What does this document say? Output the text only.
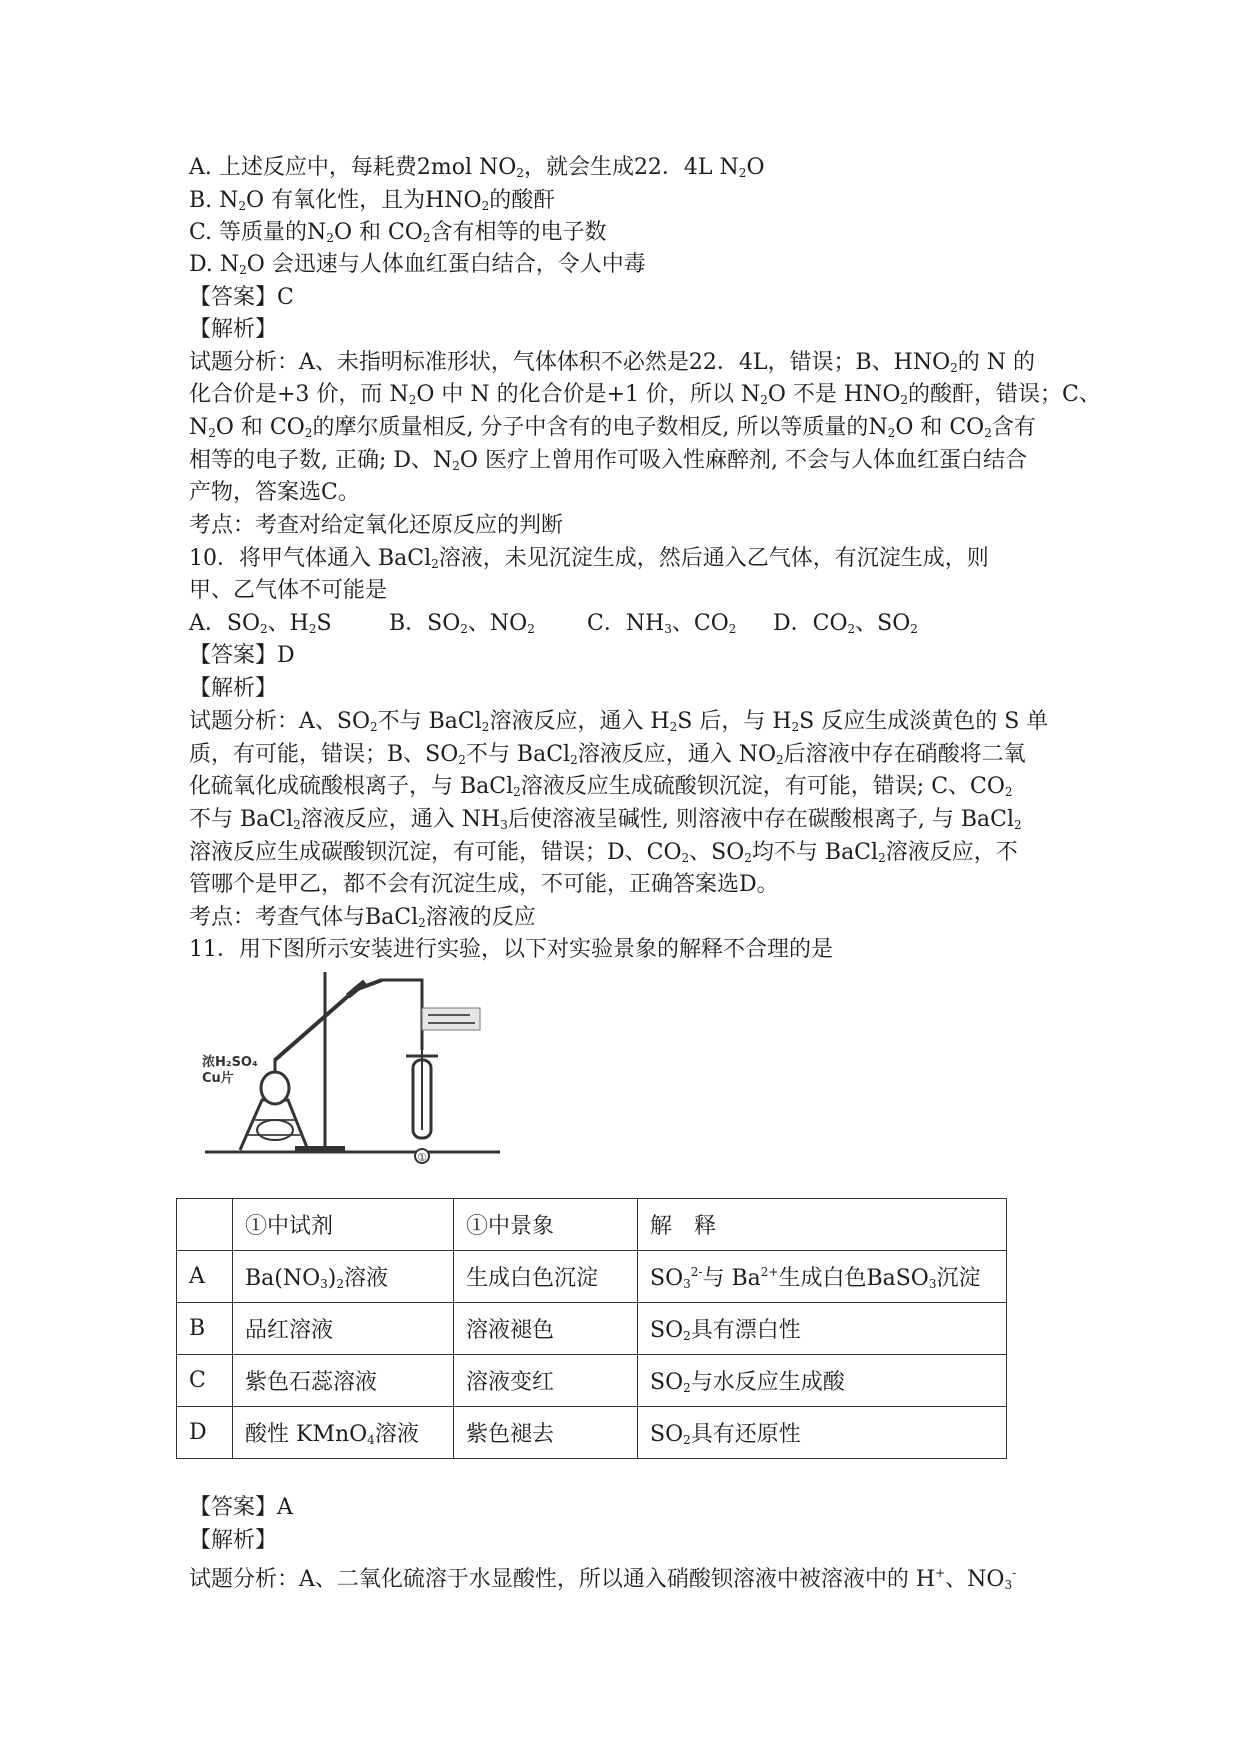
A. 上述反应中，每耗费2mol $NO_2$，就会生成22．4L $N_2O$
B. $N_2O$ 有氧化性，且为$HNO_2$的酸酐
C. 等质量的$N_2O$ 和 $CO_2$含有相等的电子数
D. $N_2O$ 会迅速与人体血红蛋白结合，令人中毒
【答案】C
【解析】
试题分析：A、未指明标准形状，气体体积不必然是22．4L，错误；B、$HNO_2$的 N 的
化合价是+3 价，而 $N_2O$ 中 N 的化合价是+1 价，所以 $N_2O$ 不是 $HNO_2$的酸酐，错误；C、
$N_2O$ 和 $CO_2$的摩尔质量相反, 分子中含有的电子数相反, 所以等质量的$N_2O$ 和 $CO_2$含有
相等的电子数, 正确; D、$N_2O$ 医疗上曾用作可吸入性麻醉剂, 不会与人体血红蛋白结合
产物，答案选C。
考点：考查对给定氧化还原反应的判断
10．将甲气体通入 BaCl$_2$溶液，未见沉淀生成，然后通入乙气体，有沉淀生成，则
甲、乙气体不可能是
A．$SO_2$、$H_2S$	B．$SO_2$、$NO_2$ C．$NH_3$、$CO_2$ D．$CO_2$、$SO_2$
【答案】D
【解析】
试题分析：A、$SO_2$不与 BaCl$_2$溶液反应，通入 $H_2S$ 后，与 $H_2S$ 反应生成淡黄色的 S 单
质，有可能，错误；B、$SO_2$不与 BaCl$_2$溶液反应，通入 $NO_2$后溶液中存在硝酸将二氧
化硫氧化成硫酸根离子，与 BaCl$_2$溶液反应生成硫酸钡沉淀，有可能，错误; C、$CO_2$
不与 BaCl$_2$溶液反应，通入 $NH_3$后使溶液呈碱性, 则溶液中存在碳酸根离子, 与 BaCl$_2$
溶液反应生成碳酸钡沉淀，有可能，错误；D、$CO_2$、$SO_2$均不与 BaCl$_2$溶液反应，不
管哪个是甲乙，都不会有沉淀生成，不可能，正确答案选D。
考点：考查气体与BaCl$_2$溶液的反应
11．用下图所示安装进行实验，以下对实验景象的解释不合理的是
浓H₂SO₄
Cu片
①
	①中试剂	①中景象	解　释
A	$Ba(NO_3)_2$溶液	生成白色沉淀	$SO_3^{2-}$与 $Ba^{2+}$生成白色BaSO$_3$沉淀
B	品红溶液	溶液褪色	$SO_2$具有漂白性
C	紫色石蕊溶液	溶液变红	$SO_2$与水反应生成酸
D	酸性 KMnO$_4$溶液	紫色褪去	$SO_2$具有还原性
【答案】A
【解析】
试题分析：A、二氧化硫溶于水显酸性，所以通入硝酸钡溶液中被溶液中的 H+、$NO_3^-$
